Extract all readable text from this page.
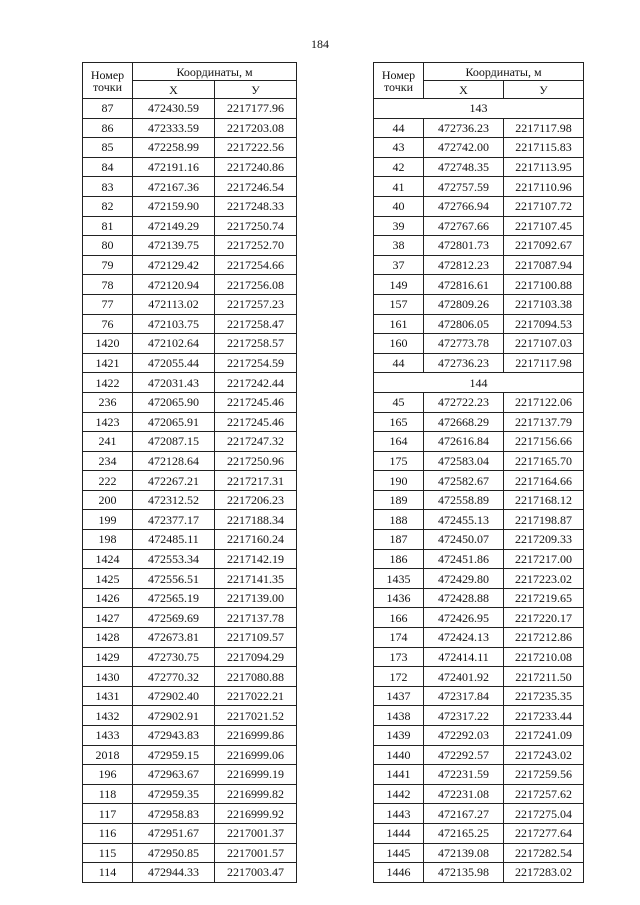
184
Номер
точки	Координаты, м	
	X	У
87	472430.59	2217177.96
86	472333.59	2217203.08
85	472258.99	2217222.56
84	472191.16	2217240.86
83	472167.36	2217246.54
82	472159.90	2217248.33
81	472149.29	2217250.74
80	472139.75	2217252.70
79	472129.42	2217254.66
78	472120.94	2217256.08
77	472113.02	2217257.23
76	472103.75	2217258.47
1420	472102.64	2217258.57
1421	472055.44	2217254.59
1422	472031.43	2217242.44
236	472065.90	2217245.46
1423	472065.91	2217245.46
241	472087.15	2217247.32
234	472128.64	2217250.96
222	472267.21	2217217.31
200	472312.52	2217206.23
199	472377.17	2217188.34
198	472485.11	2217160.24
1424	472553.34	2217142.19
1425	472556.51	2217141.35
1426	472565.19	2217139.00
1427	472569.69	2217137.78
1428	472673.81	2217109.57
1429	472730.75	2217094.29
1430	472770.32	2217080.88
1431	472902.40	2217022.21
1432	472902.91	2217021.52
1433	472943.83	2216999.86
2018	472959.15	2216999.06
196	472963.67	2216999.19
118	472959.35	2216999.82
117	472958.83	2216999.92
116	472951.67	2217001.37
115	472950.85	2217001.57
114	472944.33	2217003.47
Номер
точки	Координаты, м	
	X	У
143		
44	472736.23	2217117.98
43	472742.00	2217115.83
42	472748.35	2217113.95
41	472757.59	2217110.96
40	472766.94	2217107.72
39	472767.66	2217107.45
38	472801.73	2217092.67
37	472812.23	2217087.94
149	472816.61	2217100.88
157	472809.26	2217103.38
161	472806.05	2217094.53
160	472773.78	2217107.03
44	472736.23	2217117.98
144		
45	472722.23	2217122.06
165	472668.29	2217137.79
164	472616.84	2217156.66
175	472583.04	2217165.70
190	472582.67	2217164.66
189	472558.89	2217168.12
188	472455.13	2217198.87
187	472450.07	2217209.33
186	472451.86	2217217.00
1435	472429.80	2217223.02
1436	472428.88	2217219.65
166	472426.95	2217220.17
174	472424.13	2217212.86
173	472414.11	2217210.08
172	472401.92	2217211.50
1437	472317.84	2217235.35
1438	472317.22	2217233.44
1439	472292.03	2217241.09
1440	472292.57	2217243.02
1441	472231.59	2217259.56
1442	472231.08	2217257.62
1443	472167.27	2217275.04
1444	472165.25	2217277.64
1445	472139.08	2217282.54
1446	472135.98	2217283.02
